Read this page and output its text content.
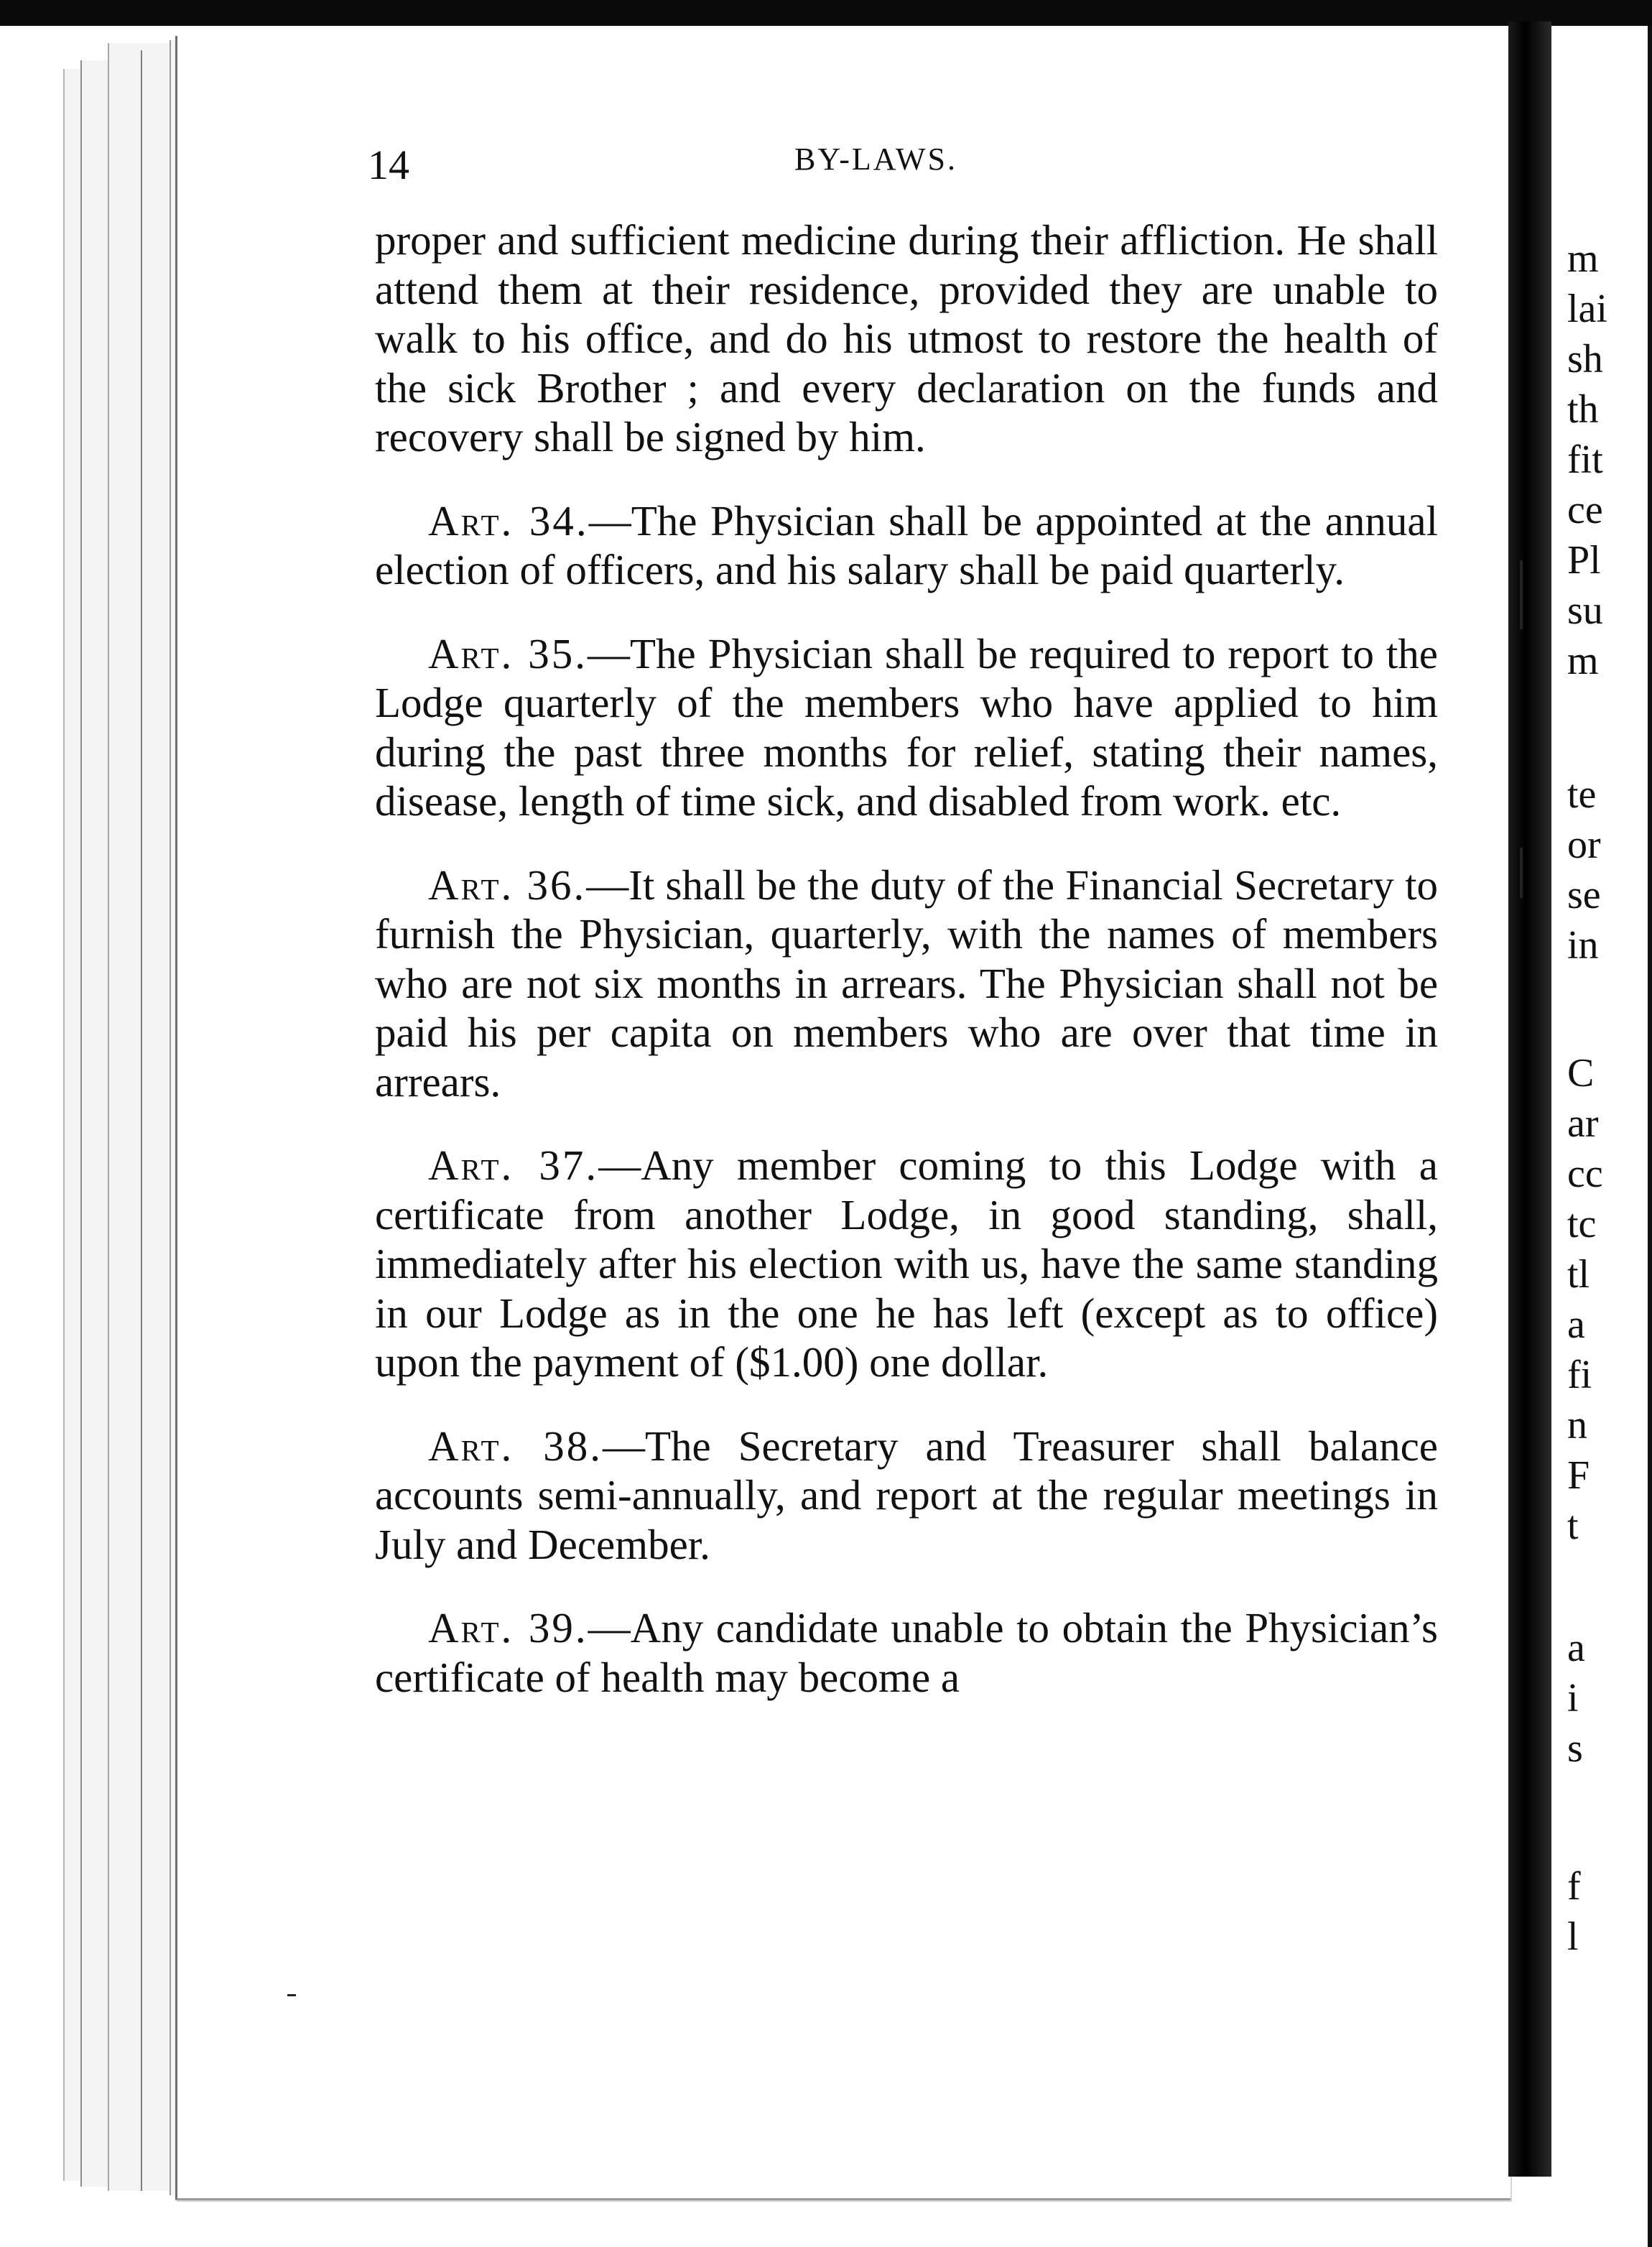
14	BY-LAWS.

proper and sufficient medicine during their affliction. He shall attend them at their residence, provided they are unable to walk to his office, and do his utmost to restore the health of the sick Brother ; and every declaration on the funds and recovery shall be signed by him.

Art. 34.—The Physician shall be appointed at the annual election of officers, and his salary shall be paid quarterly.

Art. 35.—The Physician shall be required to report to the Lodge quarterly of the members who have applied to him during the past three months for relief, stating their names, disease, length of time sick, and disabled from work. etc.

Art. 36.—It shall be the duty of the Financial Secretary to furnish the Physician, quarterly, with the names of members who are not six months in arrears. The Physician shall not be paid his per capita on members who are over that time in arrears.

Art. 37.—Any member coming to this Lodge with a certificate from another Lodge, in good standing, shall, immediately after his election with us, have the same standing in our Lodge as in the one he has left (except as to office) upon the payment of ($1.00) one dollar.

Art. 38.—The Secretary and Treasurer shall balance accounts semi-annually, and report at the regular meetings in July and December.

Art. 39.—Any candidate unable to obtain the Physician’s certificate of health may become a

m
lai
sh
th
fit
ce
Pl
su
m
te
or
se
in
C
ar
cc
tc
tl
a
fi
n
F
t
a
i
s
f
l
